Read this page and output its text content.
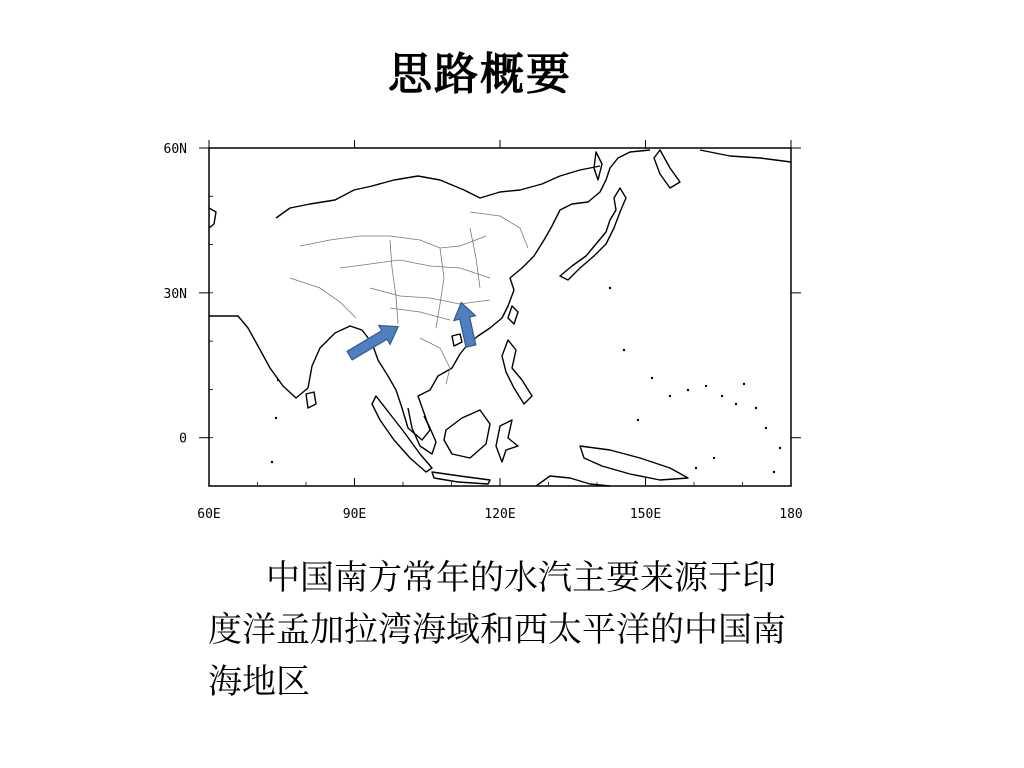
思路概要
60E	90E	120E	150E	180
60N
30N
0
中国南方常年的水汽主要来源于印度洋孟加拉湾海域和西太平洋的中国南海地区
